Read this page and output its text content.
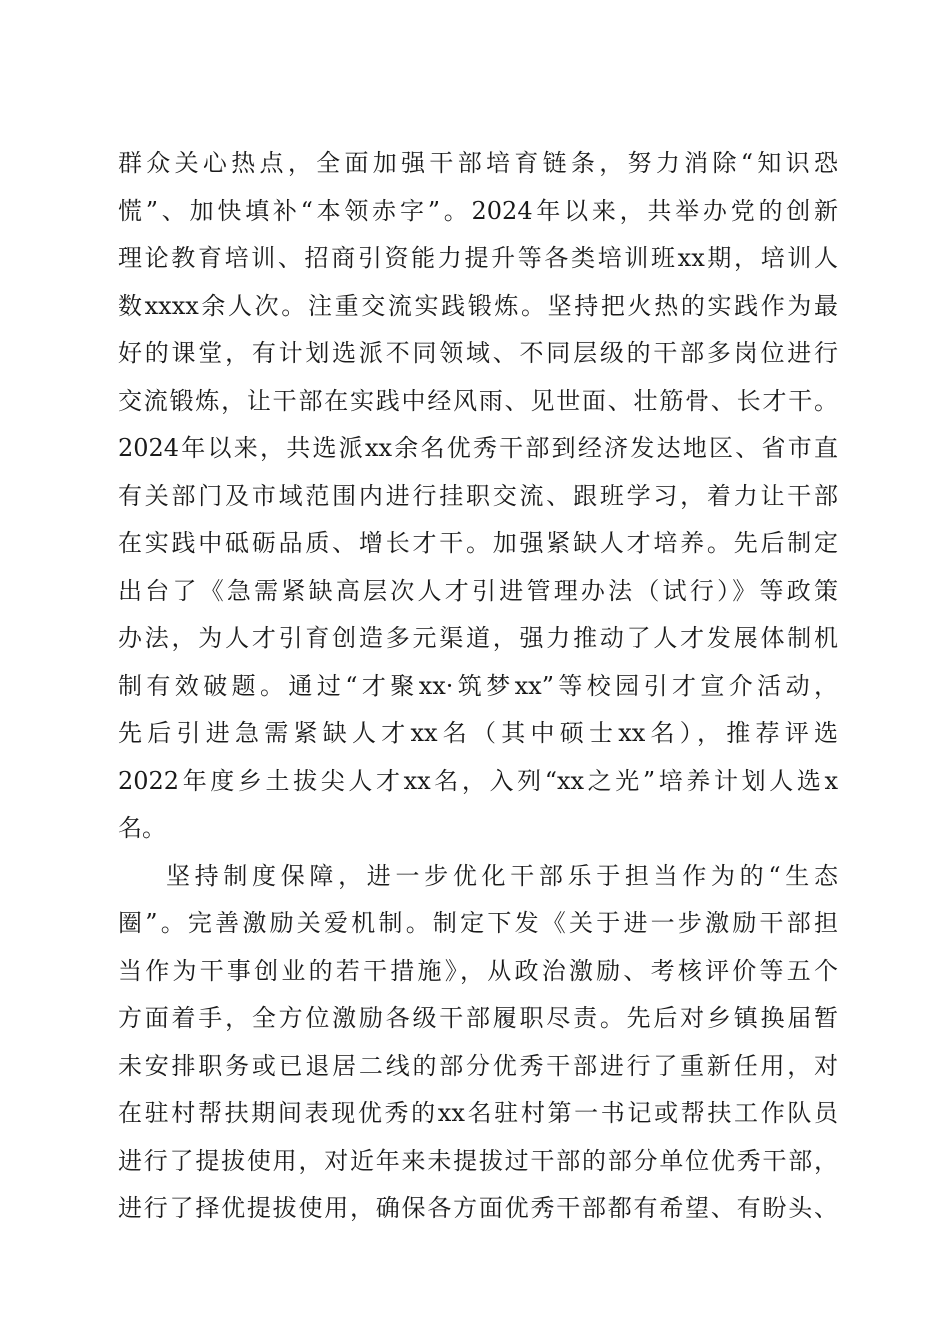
群众关心热点，全面加强干部培育链条，努力消除“知识恐
慌”、加快填补“本领赤字”。2024年以来，共举办党的创新
理论教育培训、招商引资能力提升等各类培训班xx期，培训人
数xxxx余人次。注重交流实践锻炼。坚持把火热的实践作为最
好的课堂，有计划选派不同领域、不同层级的干部多岗位进行
交流锻炼，让干部在实践中经风雨、见世面、壮筋骨、长才干。
2024年以来，共选派xx余名优秀干部到经济发达地区、省市直
有关部门及市域范围内进行挂职交流、跟班学习，着力让干部
在实践中砥砺品质、增长才干。加强紧缺人才培养。先后制定
出台了《急需紧缺高层次人才引进管理办法（试行）》等政策
办法，为人才引育创造多元渠道，强力推动了人才发展体制机
制有效破题。通过“才聚xx·筑梦xx”等校园引才宣介活动，
先后引进急需紧缺人才xx名（其中硕士xx名），推荐评选
2022年度乡土拔尖人才xx名，入列“xx之光”培养计划人选x
名。
坚持制度保障，进一步优化干部乐于担当作为的“生态
圈”。完善激励关爱机制。制定下发《关于进一步激励干部担
当作为干事创业的若干措施》，从政治激励、考核评价等五个
方面着手，全方位激励各级干部履职尽责。先后对乡镇换届暂
未安排职务或已退居二线的部分优秀干部进行了重新任用，对
在驻村帮扶期间表现优秀的xx名驻村第一书记或帮扶工作队员
进行了提拔使用，对近年来未提拔过干部的部分单位优秀干部，
进行了择优提拔使用，确保各方面优秀干部都有希望、有盼头、
